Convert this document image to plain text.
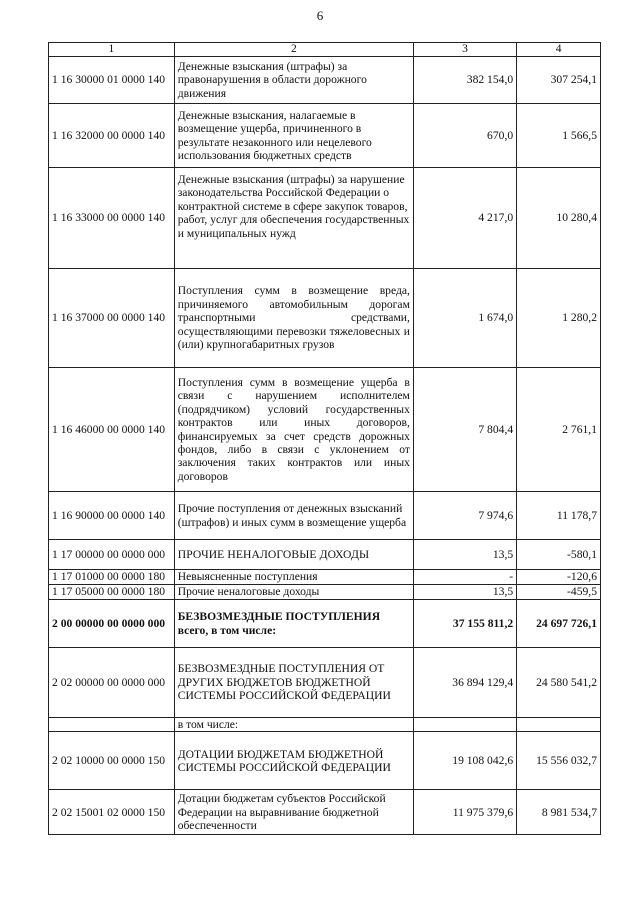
6
1	2	3	4
1 16 30000 01 0000 140	Денежные взыскания (штрафы) за правонарушения в области дорожного движения	382 154,0	307 254,1
1 16 32000 00 0000 140	Денежные взыскания, налагаемые в возмещение ущерба, причиненного в результате незаконного или нецелевого использования бюджетных средств	670,0	1 566,5
1 16 33000 00 0000 140	Денежные взыскания (штрафы) за нарушение законодательства Российской Федерации о контрактной системе в сфере закупок товаров, работ, услуг для обеспечения государственных и муниципальных нужд	4 217,0	10 280,4
1 16 37000 00 0000 140	Поступления сумм в возмещение вреда, причиняемого автомобильным дорогам транспортными средствами, осуществляющими перевозки тяжеловесных и (или) крупногабаритных грузов	1 674,0	1 280,2
1 16 46000 00 0000 140	Поступления сумм в возмещение ущерба в связи с нарушением исполнителем (подрядчиком) условий государственных контрактов или иных договоров, финансируемых за счет средств дорожных фондов, либо в связи с уклонением от заключения таких контрактов или иных договоров	7 804,4	2 761,1
1 16 90000 00 0000 140	Прочие поступления от денежных взысканий (штрафов) и иных сумм в возмещение ущерба	7 974,6	11 178,7
1 17 00000 00 0000 000	ПРОЧИЕ НЕНАЛОГОВЫЕ ДОХОДЫ	13,5	-580,1
1 17 01000 00 0000 180	Невыясненные поступления	-	-120,6
1 17 05000 00 0000 180	Прочие неналоговые доходы	13,5	-459,5
2 00 00000 00 0000 000	БЕЗВОЗМЕЗДНЫЕ ПОСТУПЛЕНИЯ всего, в том числе:	37 155 811,2	24 697 726,1
2 02 00000 00 0000 000	БЕЗВОЗМЕЗДНЫЕ ПОСТУПЛЕНИЯ ОТ ДРУГИХ БЮДЖЕТОВ БЮДЖЕТНОЙ СИСТЕМЫ РОССИЙСКОЙ ФЕДЕРАЦИИ	36 894 129,4	24 580 541,2
	в том числе:		
2 02 10000 00 0000 150	ДОТАЦИИ БЮДЖЕТАМ БЮДЖЕТНОЙ СИСТЕМЫ РОССИЙСКОЙ ФЕДЕРАЦИИ	19 108 042,6	15 556 032,7
2 02 15001 02 0000 150	Дотации бюджетам субъектов Российской Федерации на выравнивание бюджетной обеспеченности	11 975 379,6	8 981 534,7
